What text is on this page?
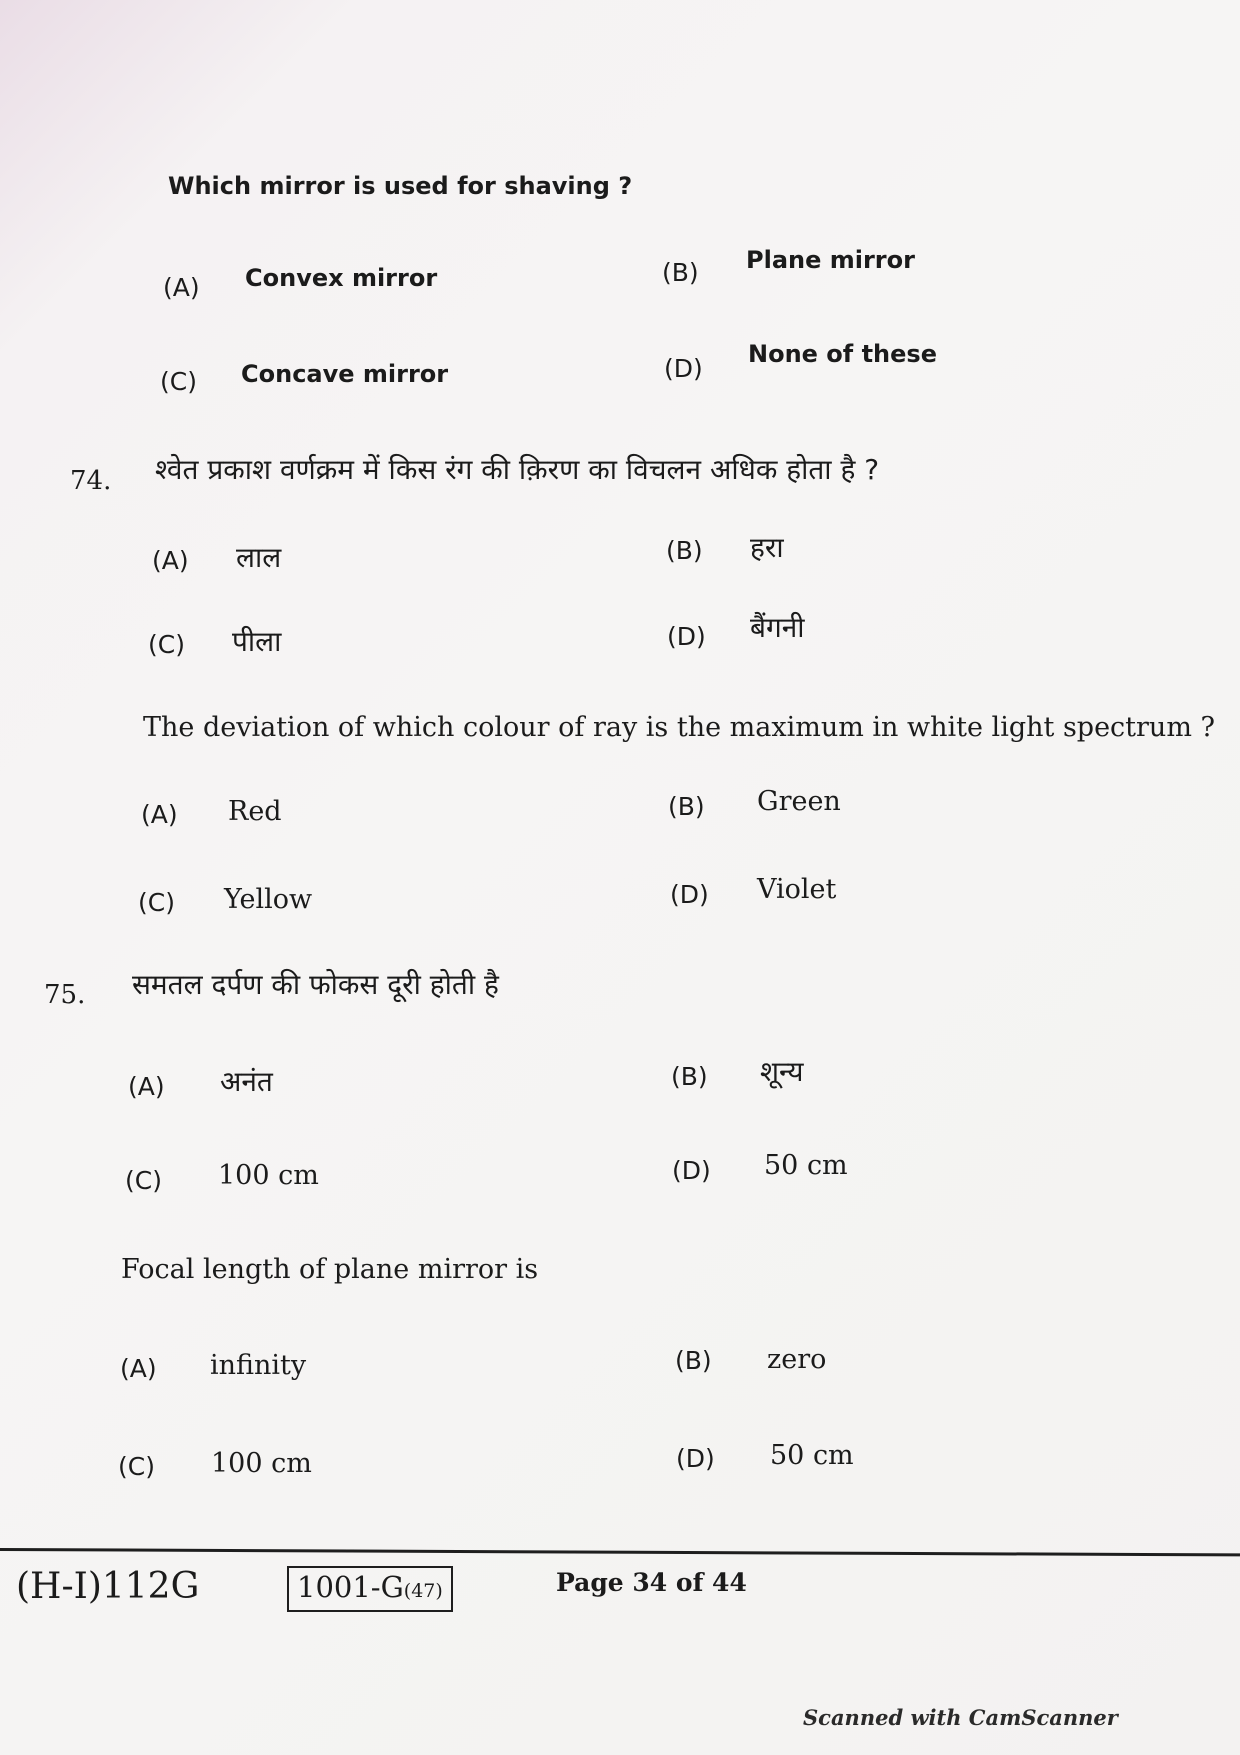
Which mirror is used for shaving ?
(A) Convex mirror	(B) Plane mirror
(C) Concave mirror	(D) None of these
74. श्वेत प्रकाश वर्णक्रम में किस रंग की क़िरण का विचलन अधिक होता है ?
(A) लाल	(B) हरा
(C) पीला	(D) बैंगनी
The deviation of which colour of ray is the maximum in white light spectrum ?
(A) Red	(B) Green
(C) Yellow	(D) Violet
75. समतल दर्पण की फोकस दूरी होती है
(A) अनंत	(B) शून्य
(C) 100 cm	(D) 50 cm
Focal length of plane mirror is
(A) infinity	(B) zero
(C) 100 cm	(D) 50 cm
(H-I)112G	1001-G(47)	Page 34 of 44
Scanned with CamScanner
